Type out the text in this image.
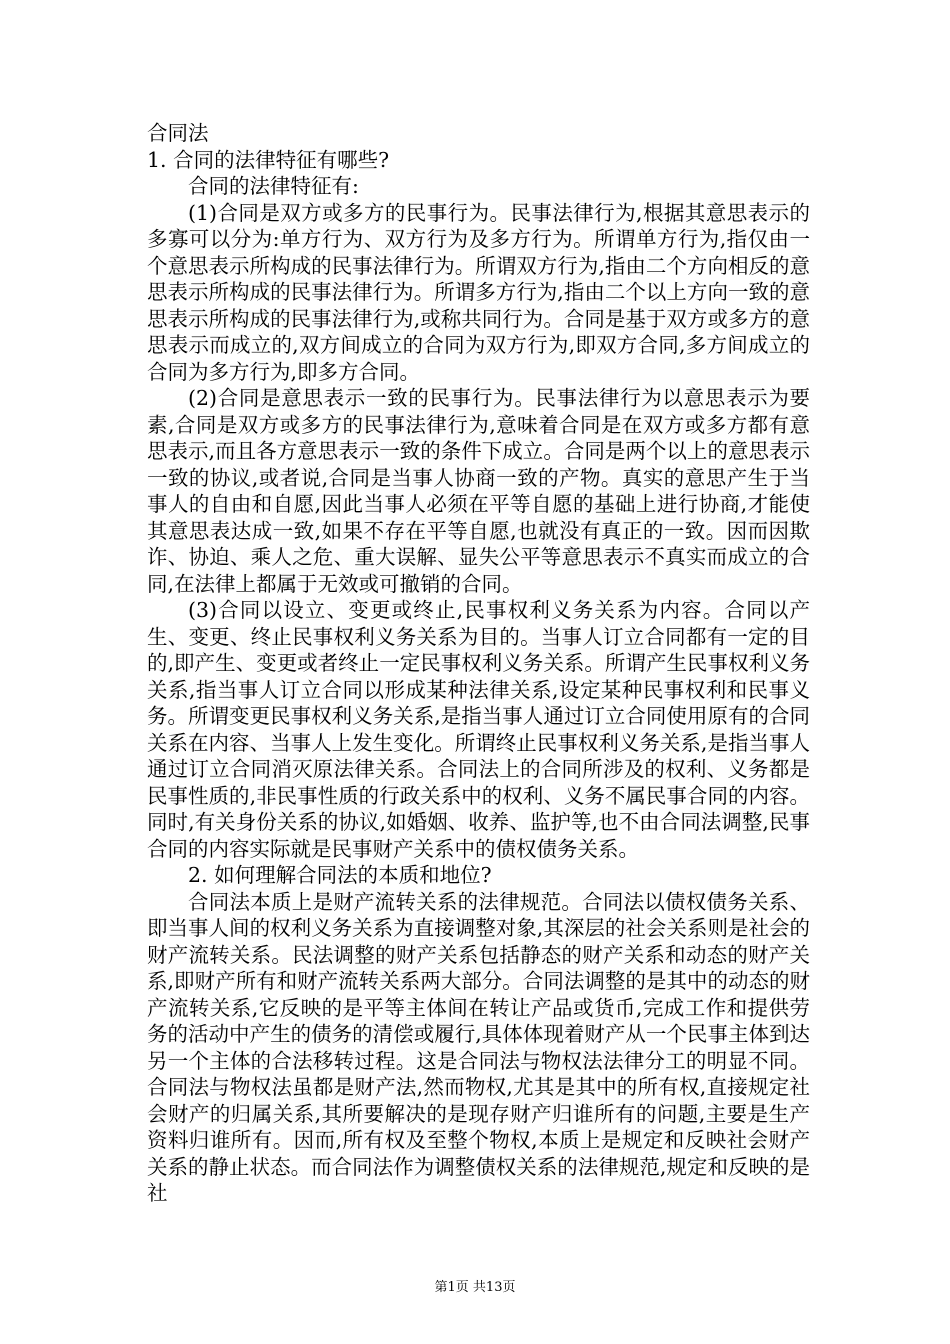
合同法

1. 合同的法律特征有哪些?

合同的法律特征有:

(1)合同是双方或多方的民事行为。民事法律行为,根据其意思表示的多寡可以分为:单方行为、双方行为及多方行为。所谓单方行为,指仅由一个意思表示所构成的民事法律行为。所谓双方行为,指由二个方向相反的意思表示所构成的民事法律行为。所谓多方行为,指由二个以上方向一致的意思表示所构成的民事法律行为,或称共同行为。合同是基于双方或多方的意思表示而成立的,双方间成立的合同为双方行为,即双方合同,多方间成立的合同为多方行为,即多方合同。

(2)合同是意思表示一致的民事行为。民事法律行为以意思表示为要素,合同是双方或多方的民事法律行为,意味着合同是在双方或多方都有意思表示,而且各方意思表示一致的条件下成立。合同是两个以上的意思表示一致的协议,或者说,合同是当事人协商一致的产物。真实的意思产生于当事人的自由和自愿,因此当事人必须在平等自愿的基础上进行协商,才能使其意思表达成一致,如果不存在平等自愿,也就没有真正的一致。因而因欺诈、协迫、乘人之危、重大误解、显失公平等意思表示不真实而成立的合同,在法律上都属于无效或可撤销的合同。

(3)合同以设立、变更或终止,民事权利义务关系为内容。合同以产生、变更、终止民事权利义务关系为目的。当事人订立合同都有一定的目的,即产生、变更或者终止一定民事权利义务关系。所谓产生民事权利义务关系,指当事人订立合同以形成某种法律关系,设定某种民事权利和民事义务。所谓变更民事权利义务关系,是指当事人通过订立合同使用原有的合同关系在内容、当事人上发生变化。所谓终止民事权利义务关系,是指当事人通过订立合同消灭原法律关系。合同法上的合同所涉及的权利、义务都是民事性质的,非民事性质的行政关系中的权利、义务不属民事合同的内容。同时,有关身份关系的协议,如婚姻、收养、监护等,也不由合同法调整,民事合同的内容实际就是民事财产关系中的债权债务关系。

2. 如何理解合同法的本质和地位?

合同法本质上是财产流转关系的法律规范。合同法以债权债务关系、即当事人间的权利义务关系为直接调整对象,其深层的社会关系则是社会的财产流转关系。民法调整的财产关系包括静态的财产关系和动态的财产关系,即财产所有和财产流转关系两大部分。合同法调整的是其中的动态的财产流转关系,它反映的是平等主体间在转让产品或货币,完成工作和提供劳务的活动中产生的债务的清偿或履行,具体体现着财产从一个民事主体到达另一个主体的合法移转过程。这是合同法与物权法法律分工的明显不同。合同法与物权法虽都是财产法,然而物权,尤其是其中的所有权,直接规定社会财产的归属关系,其所要解决的是现存财产归谁所有的问题,主要是生产资料归谁所有。因而,所有权及至整个物权,本质上是规定和反映社会财产关系的静止状态。而合同法作为调整债权关系的法律规范,规定和反映的是社

第1页 共13页
